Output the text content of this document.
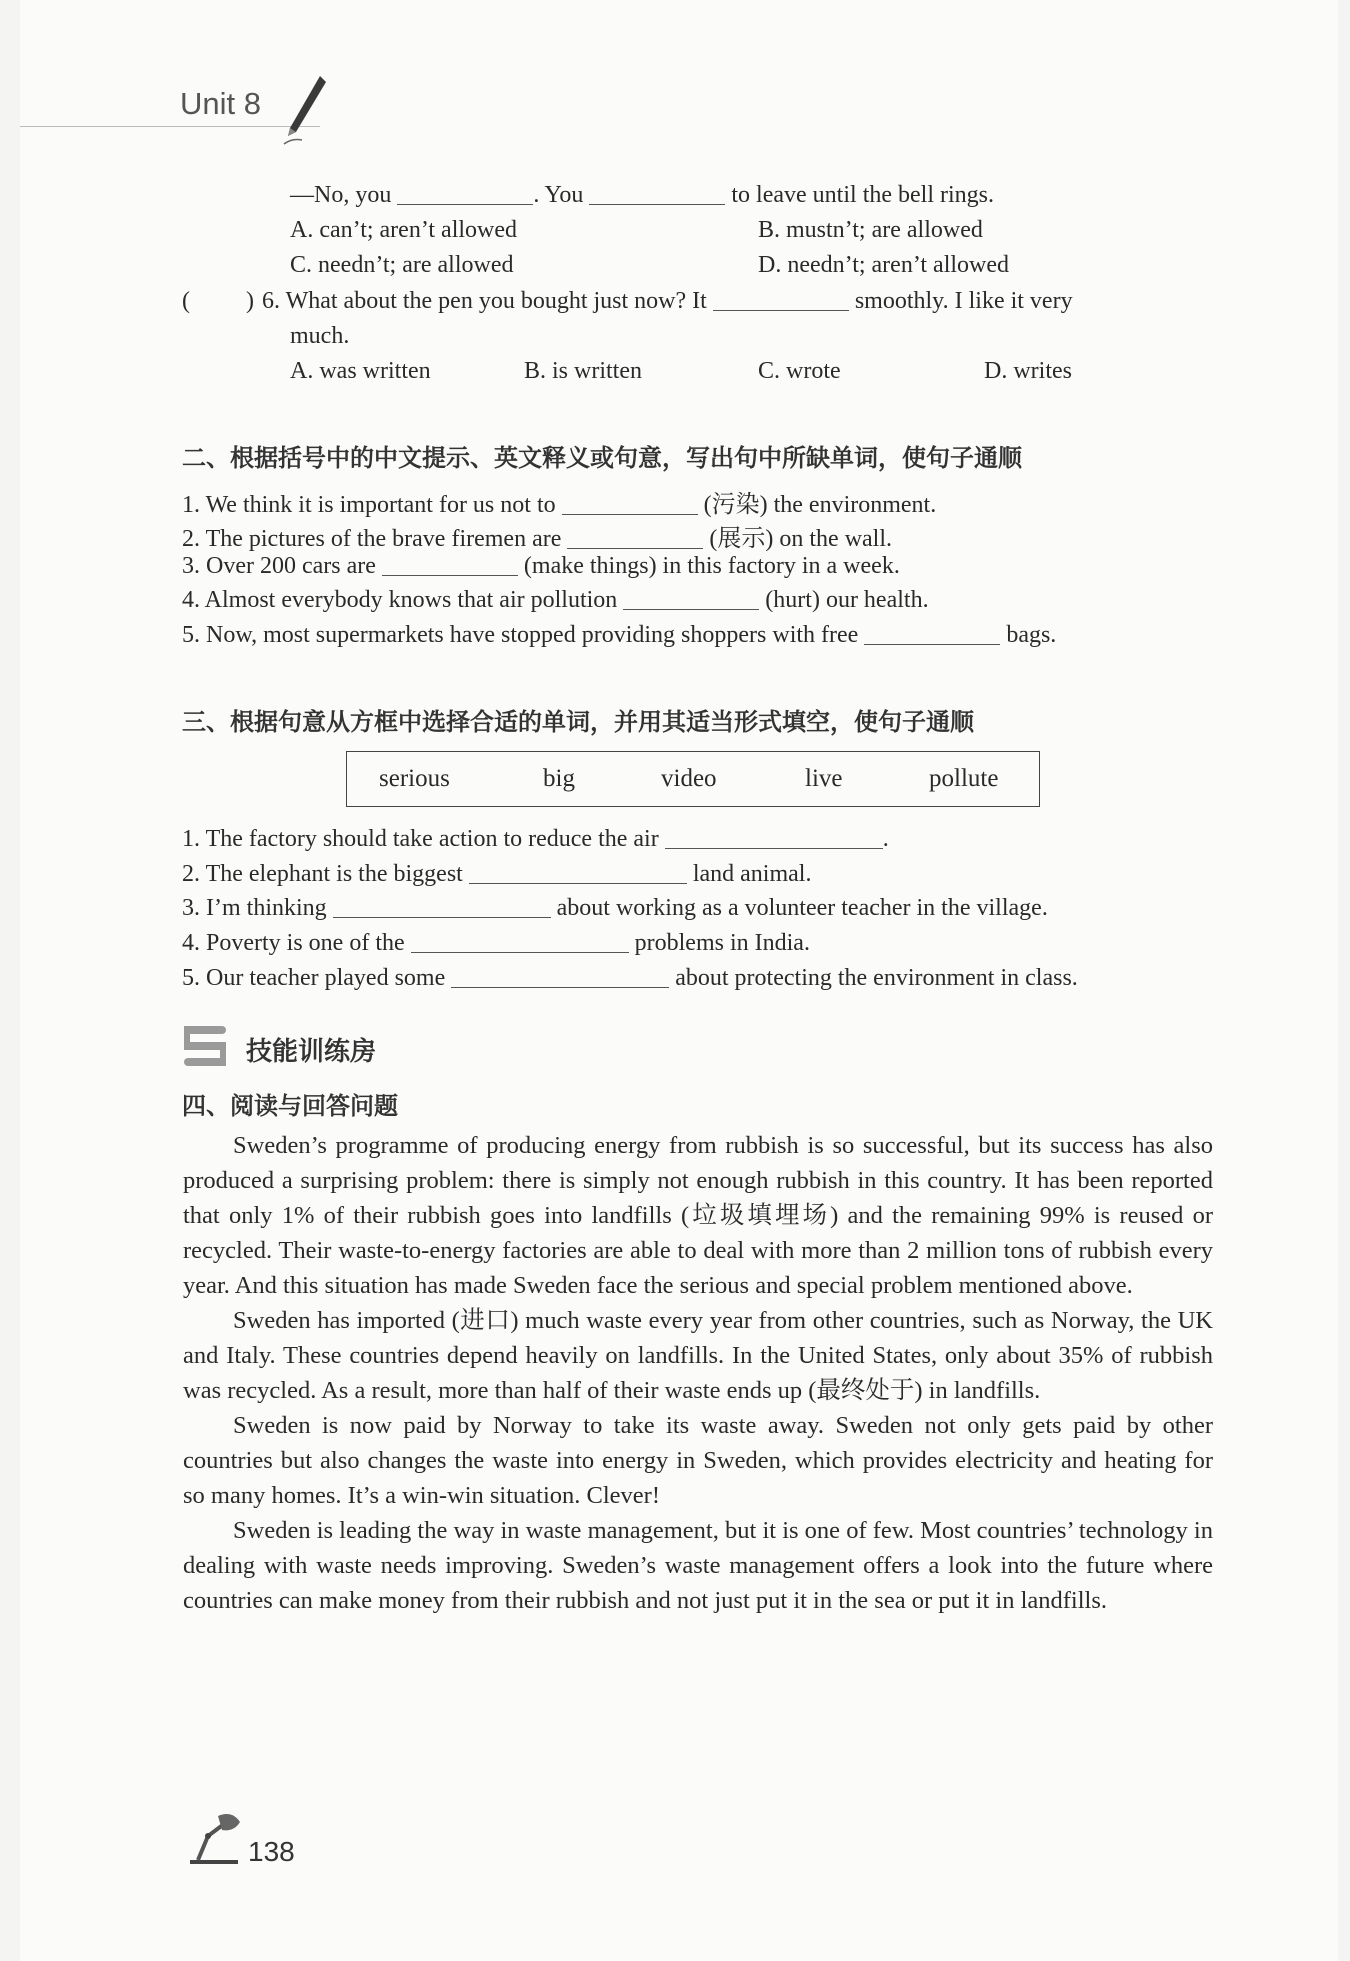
Unit 8
—No, you	. You	to leave until the bell rings.
A. can’t; aren’t allowed	B. mustn’t; are allowed
C. needn’t; are allowed	D. needn’t; aren’t allowed
( ) 6. What about the pen you bought just now? It	smoothly. I like it very
much.
A. was written	B. is written	C. wrote	D. writes
二、根据括号中的中文提示、英文释义或句意，写出句中所缺单词，使句子通顺
1. We think it is important for us not to	(污染) the environment.
2. The pictures of the brave firemen are	(展示) on the wall.
3. Over 200 cars are	(make things) in this factory in a week.
4. Almost everybody knows that air pollution	(hurt) our health.
5. Now, most supermarkets have stopped providing shoppers with free	bags.
三、根据句意从方框中选择合适的单词，并用其适当形式填空，使句子通顺
serious	big	video	live	pollute
1. The factory should take action to reduce the air	.
2. The elephant is the biggest	land animal.
3. I’m thinking	about working as a volunteer teacher in the village.
4. Poverty is one of the	problems in India.
5. Our teacher played some	about protecting the environment in class.
技能训练房
四、阅读与回答问题

Sweden’s programme of producing energy from rubbish is so successful, but its success has also produced a surprising problem: there is simply not enough rubbish in this country. It has been reported that only 1% of their rubbish goes into landfills (垃圾填埋场) and the remaining 99% is reused or recycled. Their waste-to-energy factories are able to deal with more than 2 million tons of rubbish every year. And this situation has made Sweden face the serious and special problem mentioned above.

Sweden has imported (进口) much waste every year from other countries, such as Norway, the UK and Italy. These countries depend heavily on landfills. In the United States, only about 35% of rubbish was recycled. As a result, more than half of their waste ends up (最终处于) in landfills.

Sweden is now paid by Norway to take its waste away. Sweden not only gets paid by other countries but also changes the waste into energy in Sweden, which provides electricity and heating for so many homes. It’s a win-win situation. Clever!

Sweden is leading the way in waste management, but it is one of few. Most countries’ technology in dealing with waste needs improving. Sweden’s waste management offers a look into the future where countries can make money from their rubbish and not just put it in the sea or put it in landfills.

138
